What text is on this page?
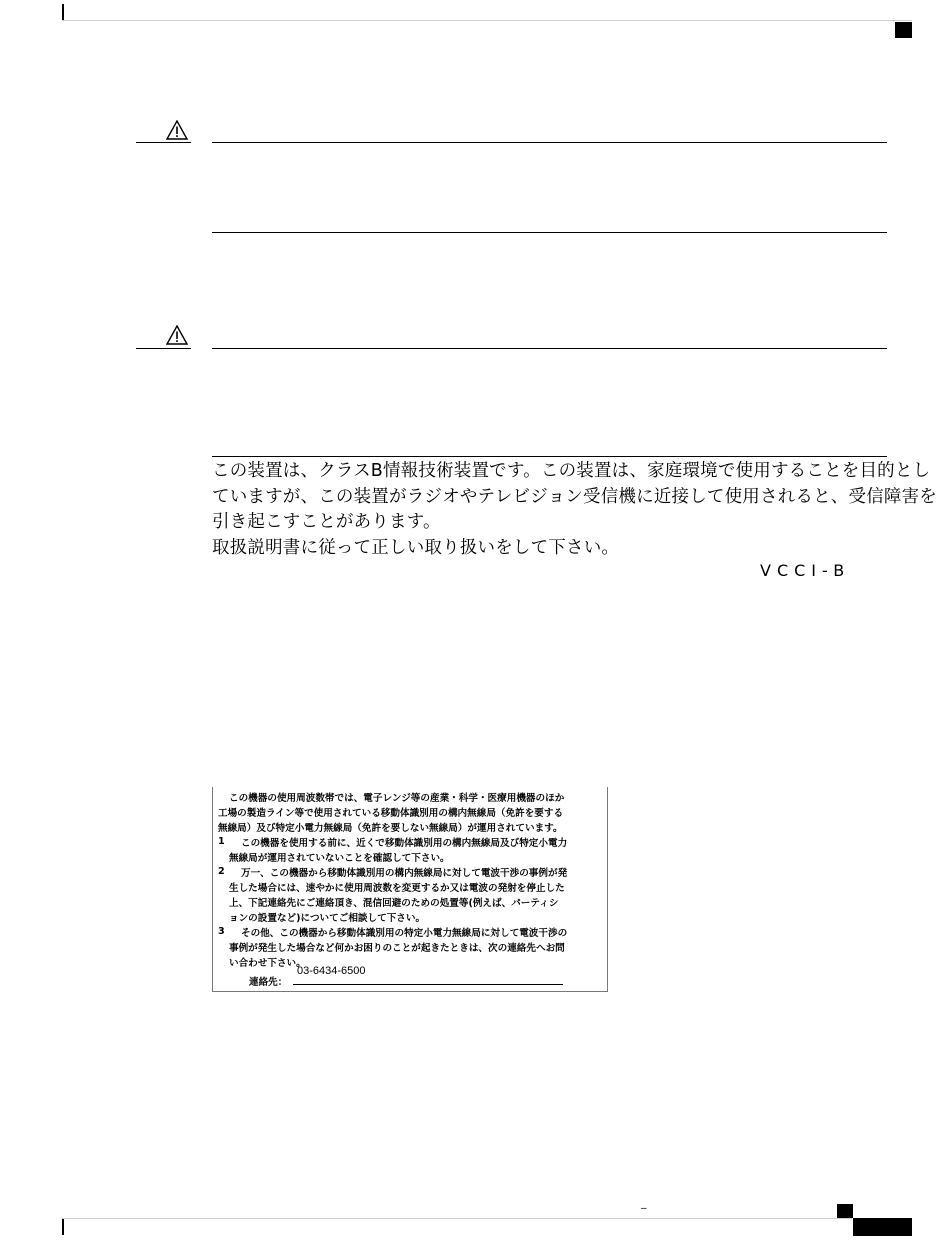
この装置は、クラスB情報技術装置です。この装置は、家庭環境で使用することを目的とし
ていますが、この装置がラジオやテレビジョン受信機に近接して使用されると、受信障害を
引き起こすことがあります。
取扱説明書に従って正しい取り扱いをして下さい。
VCCI-B
この機器の使用周波数帯では、電子レンジ等の産業・科学・医療用機器のほか
工場の製造ライン等で使用されている移動体識別用の構内無線局（免許を要する
無線局）及び特定小電力無線局（免許を要しない無線局）が運用されています。
1 この機器を使用する前に、近くで移動体識別用の構内無線局及び特定小電力
無線局が運用されていないことを確認して下さい。
2 万一、この機器から移動体識別用の構内無線局に対して電波干渉の事例が発
生した場合には、速やかに使用周波数を変更するか又は電波の発射を停止した
上、下記連絡先にご連絡頂き、混信回避のための処置等(例えば、パーティシ
ョンの設置など)についてご相談して下さい。
3 その他、この機器から移動体識別用の特定小電力無線局に対して電波干渉の
事例が発生した場合など何かお困りのことが起きたときは、次の連絡先へお問
い合わせ下さい。
03-6434-6500
連絡先：
–
